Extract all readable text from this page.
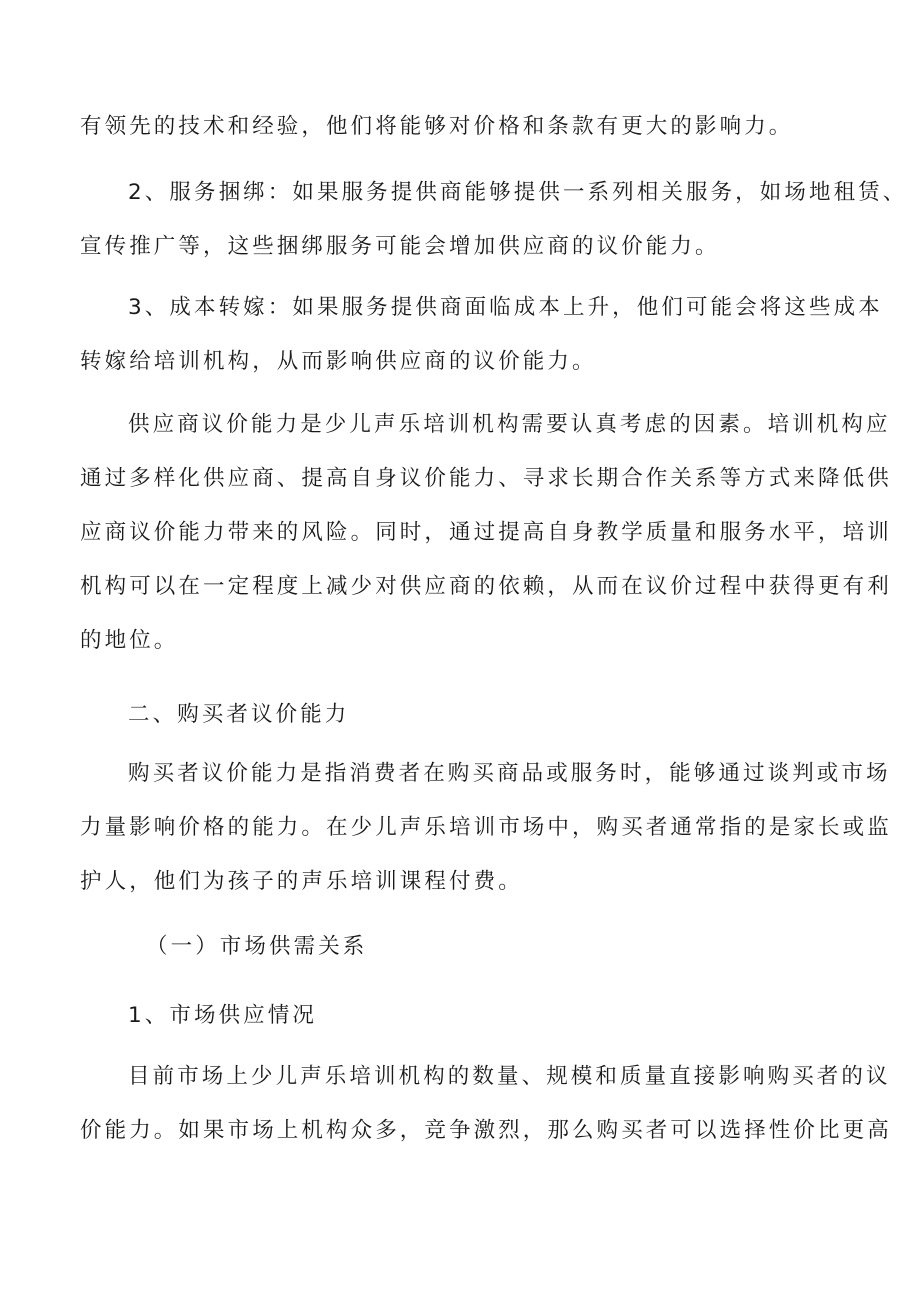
有领先的技术和经验，他们将能够对价格和条款有更大的影响力。
2、服务捆绑：如果服务提供商能够提供一系列相关服务，如场地租赁、
宣传推广等，这些捆绑服务可能会增加供应商的议价能力。
3、成本转嫁：如果服务提供商面临成本上升，他们可能会将这些成本
转嫁给培训机构，从而影响供应商的议价能力。
供应商议价能力是少儿声乐培训机构需要认真考虑的因素。培训机构应
通过多样化供应商、提高自身议价能力、寻求长期合作关系等方式来降低供
应商议价能力带来的风险。同时，通过提高自身教学质量和服务水平，培训
机构可以在一定程度上减少对供应商的依赖，从而在议价过程中获得更有利
的地位。
二、购买者议价能力
购买者议价能力是指消费者在购买商品或服务时，能够通过谈判或市场
力量影响价格的能力。在少儿声乐培训市场中，购买者通常指的是家长或监
护人，他们为孩子的声乐培训课程付费。
（一）市场供需关系
1、市场供应情况
目前市场上少儿声乐培训机构的数量、规模和质量直接影响购买者的议
价能力。如果市场上机构众多，竞争激烈，那么购买者可以选择性价比更高
